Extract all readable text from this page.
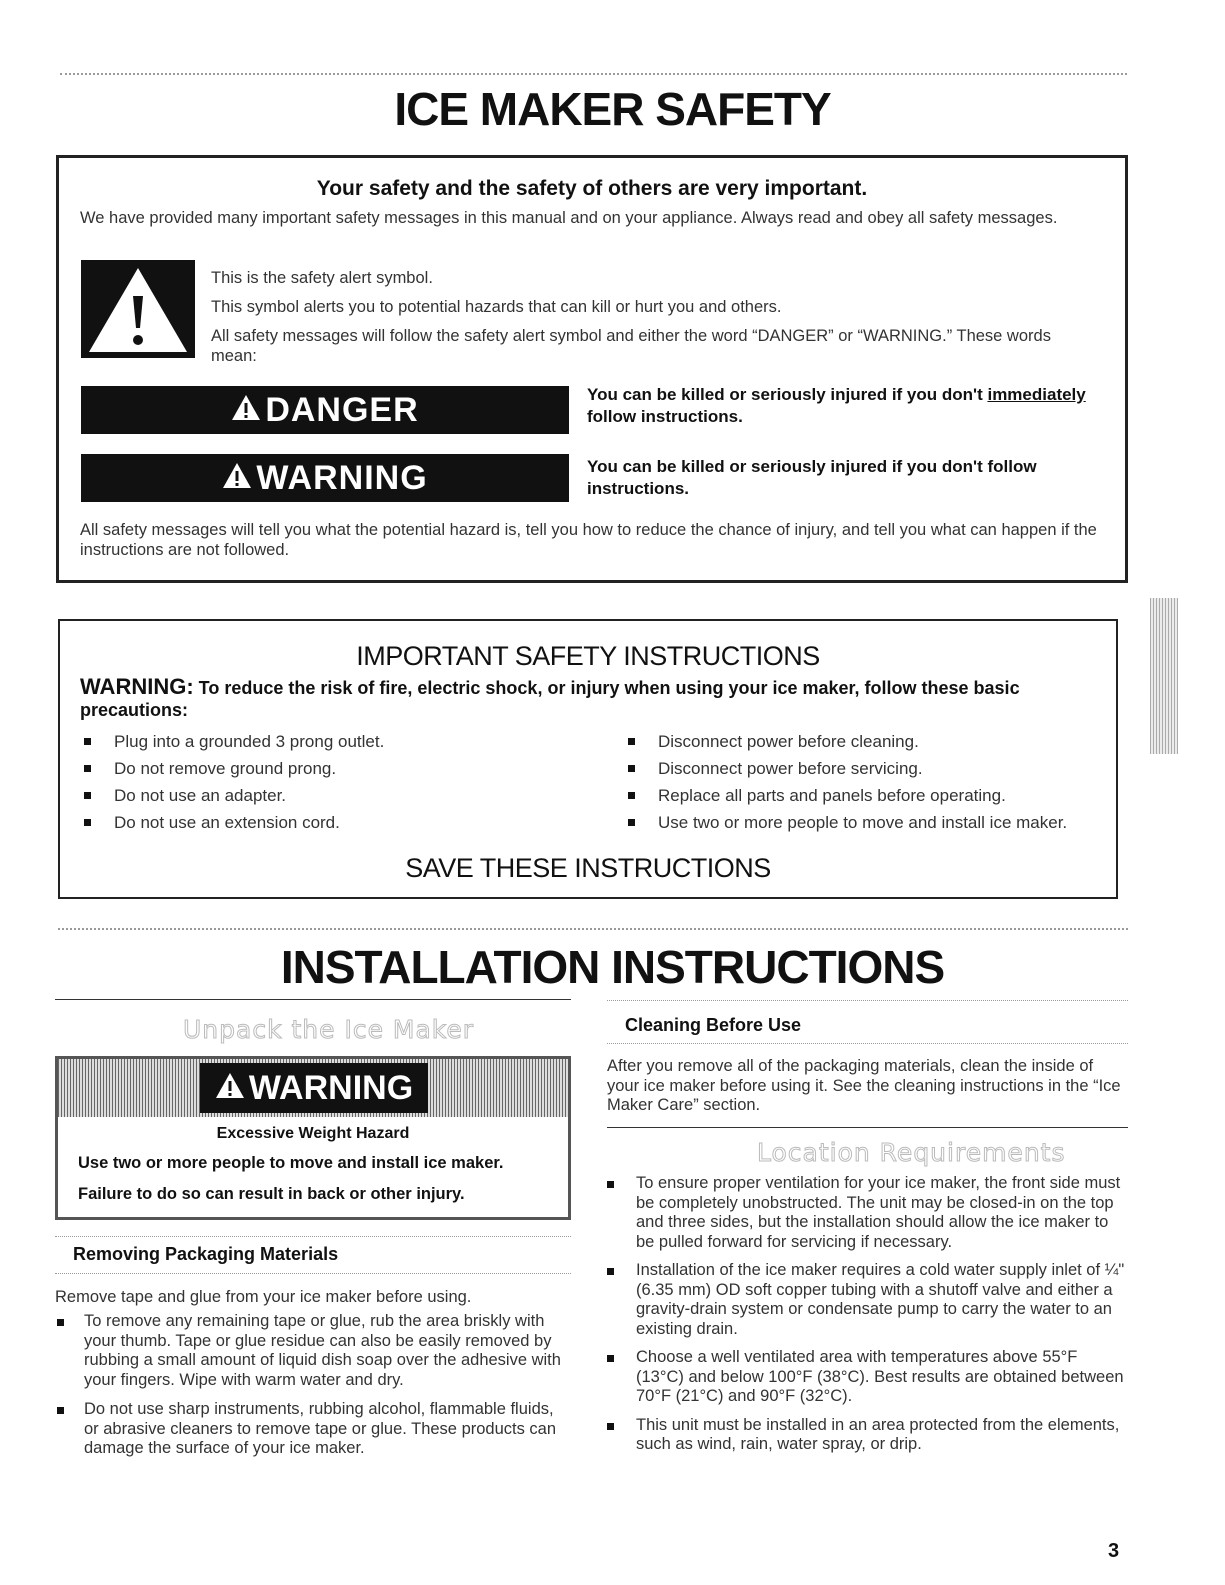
ICE MAKER SAFETY
Your safety and the safety of others are very important.
We have provided many important safety messages in this manual and on your appliance. Always read and obey all safety messages.
This is the safety alert symbol.
This symbol alerts you to potential hazards that can kill or hurt you and others.
All safety messages will follow the safety alert symbol and either the word “DANGER” or “WARNING.” These words mean:
DANGER	You can be killed or seriously injured if you don't immediately follow instructions.
WARNING	You can be killed or seriously injured if you don't follow instructions.
All safety messages will tell you what the potential hazard is, tell you how to reduce the chance of injury, and tell you what can happen if the instructions are not followed.
IMPORTANT SAFETY INSTRUCTIONS
WARNING: To reduce the risk of fire, electric shock, or injury when using your ice maker, follow these basic precautions:
Plug into a grounded 3 prong outlet.
Do not remove ground prong.
Do not use an adapter.
Do not use an extension cord.
Disconnect power before cleaning.
Disconnect power before servicing.
Replace all parts and panels before operating.
Use two or more people to move and install ice maker.
SAVE THESE INSTRUCTIONS
INSTALLATION INSTRUCTIONS
Unpack the Ice Maker
WARNING
Excessive Weight Hazard
Use two or more people to move and install ice maker.
Failure to do so can result in back or other injury.
Removing Packaging Materials
Remove tape and glue from your ice maker before using.
To remove any remaining tape or glue, rub the area briskly with your thumb. Tape or glue residue can also be easily removed by rubbing a small amount of liquid dish soap over the adhesive with your fingers. Wipe with warm water and dry.
Do not use sharp instruments, rubbing alcohol, flammable fluids, or abrasive cleaners to remove tape or glue. These products can damage the surface of your ice maker.
Cleaning Before Use
After you remove all of the packaging materials, clean the inside of your ice maker before using it. See the cleaning instructions in the “Ice Maker Care” section.
Location Requirements
To ensure proper ventilation for your ice maker, the front side must be completely unobstructed. The unit may be closed-in on the top and three sides, but the installation should allow the ice maker to be pulled forward for servicing if necessary.
Installation of the ice maker requires a cold water supply inlet of ¼" (6.35 mm) OD soft copper tubing with a shutoff valve and either a gravity-drain system or condensate pump to carry the water to an existing drain.
Choose a well ventilated area with temperatures above 55°F (13°C) and below 100°F (38°C). Best results are obtained between 70°F (21°C) and 90°F (32°C).
This unit must be installed in an area protected from the elements, such as wind, rain, water spray, or drip.
3
